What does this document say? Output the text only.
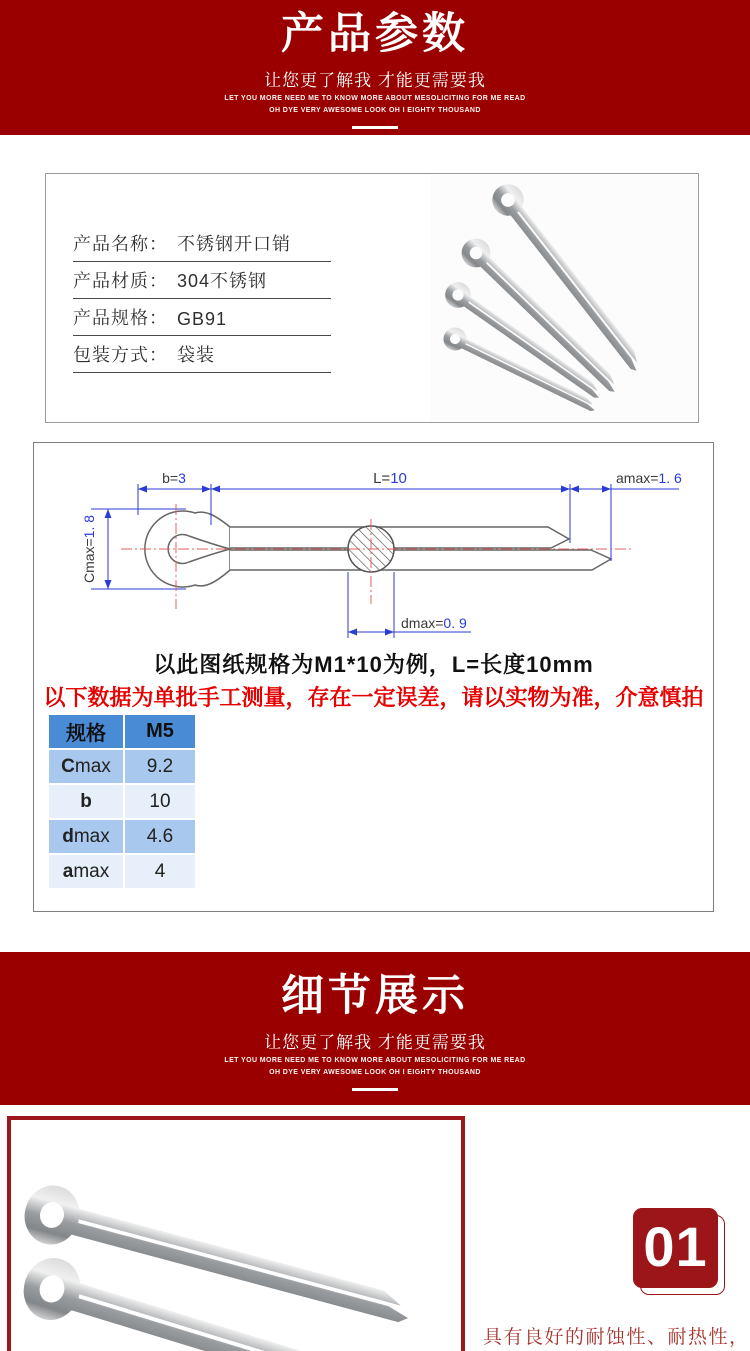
产品参数
让您更了解我 才能更需要我
LET YOU MORE NEED ME TO KNOW MORE ABOUT MESOLICITING FOR ME READ
OH DYE VERY AWESOME LOOK OH I EIGHTY THOUSAND
产品名称： 不锈钢开口销
产品材质： 304不锈钢
产品规格： GB91
包装方式： 袋装
b=3	L=10	amax=1. 6
Cmax=1. 8
dmax=0. 9
以此图纸规格为M1*10为例，L=长度10mm
以下数据为单批手工测量，存在一定误差，请以实物为准，介意慎拍
规格	M5
C max	9.2
b	10
d max	4.6
a max	4
细节展示
让您更了解我 才能更需要我
LET YOU MORE NEED ME TO KNOW MORE ABOUT MESOLICITING FOR ME READ
OH DYE VERY AWESOME LOOK OH I EIGHTY THOUSAND
01
具有良好的耐蚀性、耐热性，
